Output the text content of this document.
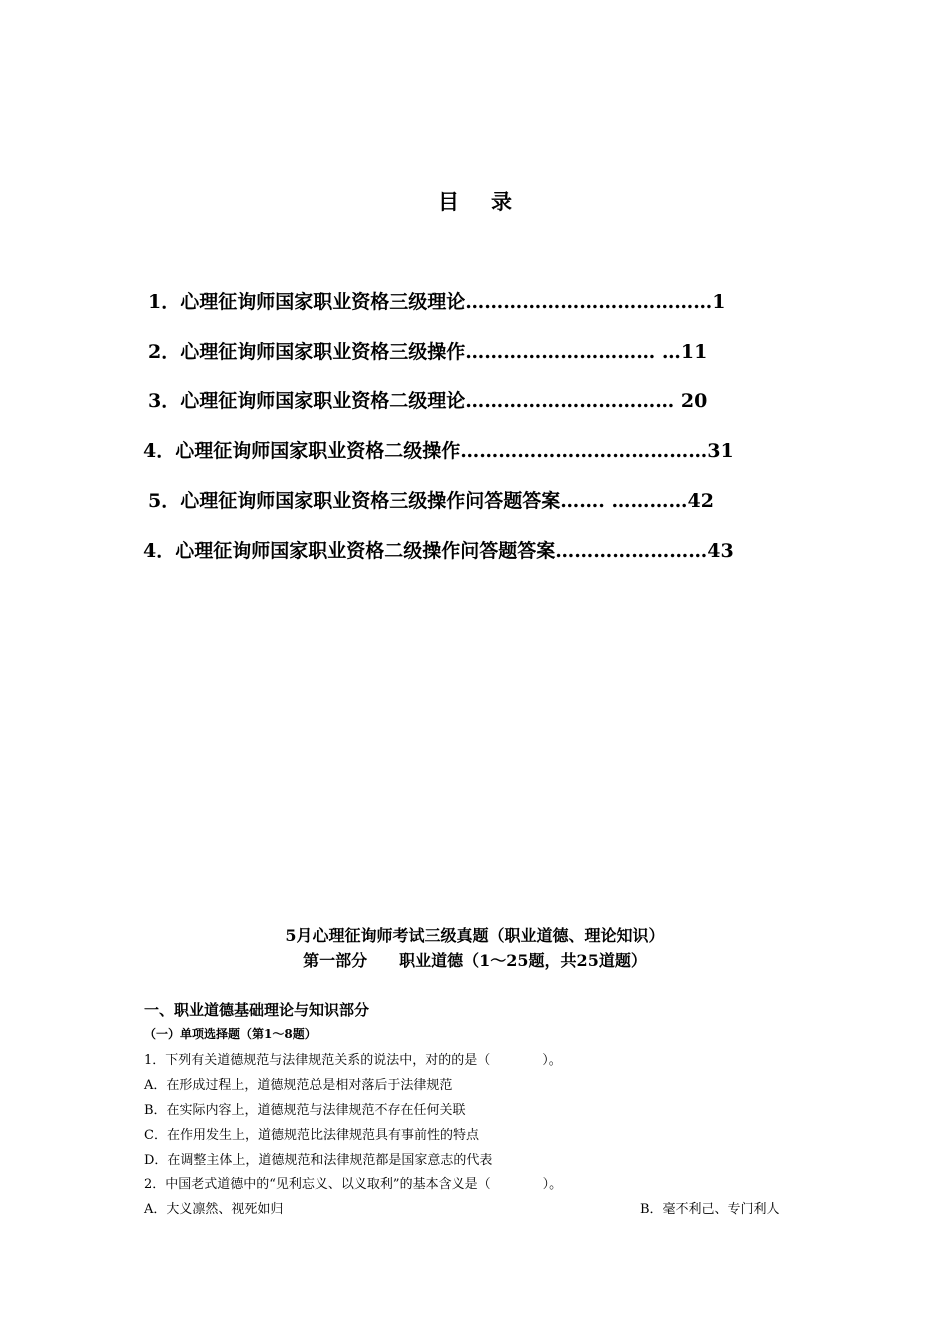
目录
1．心理征询师国家职业资格三级理论…………………………………1
2．心理征询师国家职业资格三级操作………………………… …11
3．心理征询师国家职业资格二级理论…………………………… 20
4．心理征询师国家职业资格二级操作…………………………………31
5．心理征询师国家职业资格三级操作问答题答案……. …………42
4．心理征询师国家职业资格二级操作问答题答案……………………43
5月心理征询师考试三级真题（职业道德、理论知识）
第一部分　　职业道德（1～25题，共25道题）
一、职业道德基础理论与知识部分
（一）单项选择题（第1～8题）
1．下列有关道德规范与法律规范关系的说法中，对的的是（　　　　）。
A．在形成过程上，道德规范总是相对落后于法律规范
B．在实际内容上，道德规范与法律规范不存在任何关联
C．在作用发生上，道德规范比法律规范具有事前性的特点
D．在调整主体上，道德规范和法律规范都是国家意志的代表
2．中国老式道德中的“见利忘义、以义取利”的基本含义是（　　　　）。
A．大义凛然、视死如归	B．毫不利己、专门利人
